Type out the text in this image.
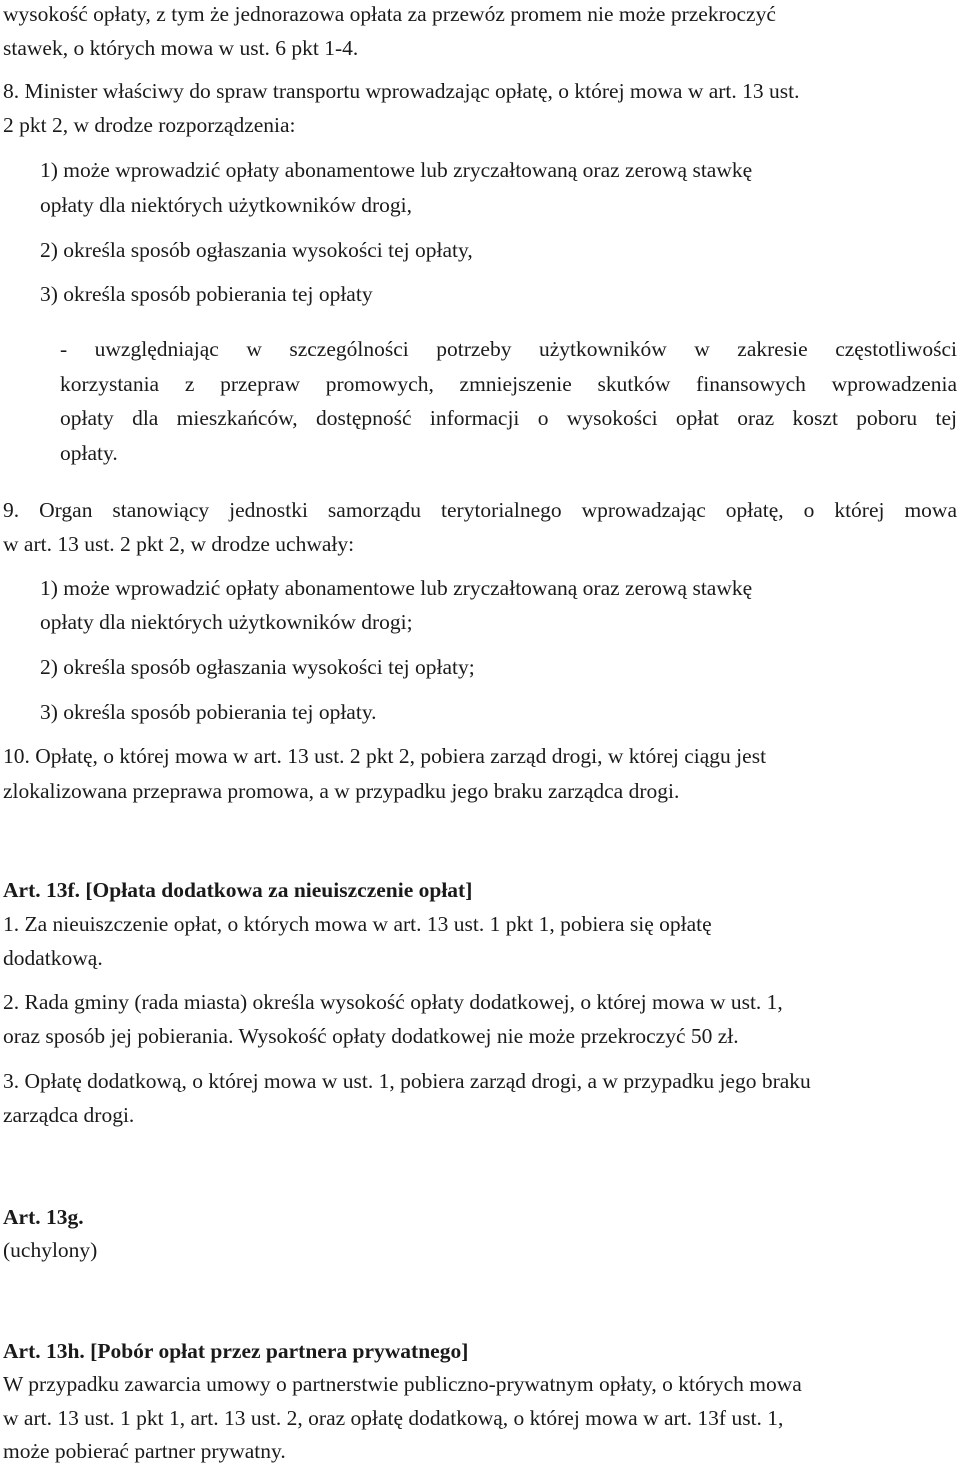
wysokość opłaty, z tym że jednorazowa opłata za przewóz promem nie może przekroczyć
stawek, o których mowa w ust. 6 pkt 1-4.
8. Minister właściwy do spraw transportu wprowadzając opłatę, o której mowa w art. 13 ust.
2 pkt 2, w drodze rozporządzenia:
1) może wprowadzić opłaty abonamentowe lub zryczałtowaną oraz zerową stawkę
opłaty dla niektórych użytkowników drogi,
2) określa sposób ogłaszania wysokości tej opłaty,
3) określa sposób pobierania tej opłaty
- uwzględniając w szczególności potrzeby użytkowników w zakresie częstotliwości
korzystania z przepraw promowych, zmniejszenie skutków finansowych wprowadzenia
opłaty dla mieszkańców, dostępność informacji o wysokości opłat oraz koszt poboru tej
opłaty.
9. Organ stanowiący jednostki samorządu terytorialnego wprowadzając opłatę, o której mowa
w art. 13 ust. 2 pkt 2, w drodze uchwały:
1) może wprowadzić opłaty abonamentowe lub zryczałtowaną oraz zerową stawkę
opłaty dla niektórych użytkowników drogi;
2) określa sposób ogłaszania wysokości tej opłaty;
3) określa sposób pobierania tej opłaty.
10. Opłatę, o której mowa w art. 13 ust. 2 pkt 2, pobiera zarząd drogi, w której ciągu jest
zlokalizowana przeprawa promowa, a w przypadku jego braku zarządca drogi.
Art. 13f. [Opłata dodatkowa za nieuiszczenie opłat]
1. Za nieuiszczenie opłat, o których mowa w art. 13 ust. 1 pkt 1, pobiera się opłatę
dodatkową.
2. Rada gminy (rada miasta) określa wysokość opłaty dodatkowej, o której mowa w ust. 1,
oraz sposób jej pobierania. Wysokość opłaty dodatkowej nie może przekroczyć 50 zł.
3. Opłatę dodatkową, o której mowa w ust. 1, pobiera zarząd drogi, a w przypadku jego braku
zarządca drogi.
Art. 13g.
(uchylony)
Art. 13h. [Pobór opłat przez partnera prywatnego]
W przypadku zawarcia umowy o partnerstwie publiczno-prywatnym opłaty, o których mowa
w art. 13 ust. 1 pkt 1, art. 13 ust. 2, oraz opłatę dodatkową, o której mowa w art. 13f ust. 1,
może pobierać partner prywatny.
